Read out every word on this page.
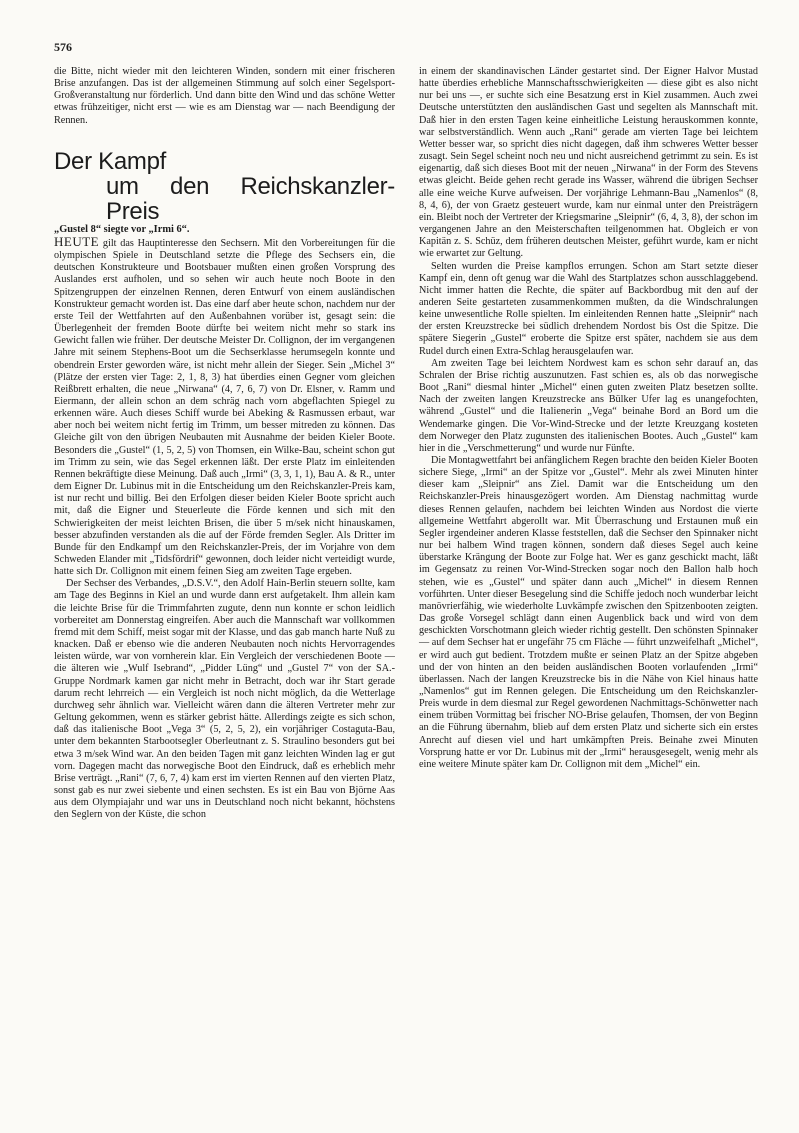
576

die Bitte, nicht wieder mit den leichteren Winden, sondern mit einer frischeren Brise anzufangen. Das ist der allgemeinen Stimmung auf solch einer Segelsport-Großveranstaltung nur förderlich. Und dann bitte den Wind und das schöne Wetter etwas frühzeitiger, nicht erst — wie es am Dienstag war — nach Beendigung der Rennen.

Der Kampf
um den Reichskanzler-Preis

„Gustel 8“ siegte vor „Irmi 6“.

HEUTE gilt das Hauptinteresse den Sechsern. Mit den Vorbereitungen für die olympischen Spiele in Deutschland setzte die Pflege des Sechsers ein, die deutschen Konstrukteure und Bootsbauer mußten einen großen Vorsprung des Auslandes erst aufholen, und so sehen wir auch heute noch Boote in den Spitzengruppen der einzelnen Rennen, deren Entwurf von einem ausländischen Konstrukteur gemacht worden ist. Das eine darf aber heute schon, nachdem nur der erste Teil der Wettfahrten auf den Außenbahnen vorüber ist, gesagt sein: die Überlegenheit der fremden Boote dürfte bei weitem nicht mehr so stark ins Gewicht fallen wie früher. Der deutsche Meister Dr. Collignon, der im vergangenen Jahre mit seinem Stephens-Boot um die Sechserklasse herumsegeln konnte und obendrein Erster geworden wäre, ist nicht mehr allein der Sieger. Sein „Michel 3“ (Plätze der ersten vier Tage: 2, 1, 8, 3) hat überdies einen Gegner vom gleichen Reißbrett erhalten, die neue „Nirwana“ (4, 7, 6, 7) von Dr. Elsner, v. Ramm und Eiermann, der allein schon an dem schräg nach vorn abgeflachten Spiegel zu erkennen wäre. Auch dieses Schiff wurde bei Abeking & Rasmussen erbaut, war aber noch bei weitem nicht fertig im Trimm, um besser mitreden zu können. Das Gleiche gilt von den übrigen Neubauten mit Ausnahme der beiden Kieler Boote. Besonders die „Gustel“ (1, 5, 2, 5) von Thomsen, ein Wilke-Bau, scheint schon gut im Trimm zu sein, wie das Segel erkennen läßt. Der erste Platz im einleitenden Rennen bekräftigte diese Meinung. Daß auch „Irmi“ (3, 3, 1, 1), Bau A. & R., unter dem Eigner Dr. Lubinus mit in die Entscheidung um den Reichskanzler-Preis kam, ist nur recht und billig. Bei den Erfolgen dieser beiden Kieler Boote spricht auch mit, daß die Eigner und Steuerleute die Förde kennen und sich mit den Schwierigkeiten der meist leichten Brisen, die über 5 m/sek nicht hinauskamen, besser abzufinden verstanden als die auf der Förde fremden Segler. Als Dritter im Bunde für den Endkampf um den Reichskanzler-Preis, der im Vorjahre von dem Schweden Elander mit „Tidsfördrif“ gewonnen, doch leider nicht verteidigt wurde, hatte sich Dr. Collignon mit einem feinen Sieg am zweiten Tage ergeben.

Der Sechser des Verbandes, „D.S.V.“, den Adolf Hain-Berlin steuern sollte, kam am Tage des Beginns in Kiel an und wurde dann erst aufgetakelt. Ihm allein kam die leichte Brise für die Trimmfahrten zugute, denn nun konnte er schon leidlich vorbereitet am Donnerstag eingreifen. Aber auch die Mannschaft war vollkommen fremd mit dem Schiff, meist sogar mit der Klasse, und das gab manch harte Nuß zu knacken. Daß er ebenso wie die anderen Neubauten noch nichts Hervorragendes leisten würde, war von vornherein klar. Ein Vergleich der verschiedenen Boote — die älteren wie „Wulf Isebrand“, „Pidder Lüng“ und „Gustel 7“ von der SA.-Gruppe Nordmark kamen gar nicht mehr in Betracht, doch war ihr Start gerade darum recht lehrreich — ein Vergleich ist noch nicht möglich, da die Wetterlage durchweg sehr ähnlich war. Vielleicht wären dann die älteren Vertreter mehr zur Geltung gekommen, wenn es stärker gebrist hätte. Allerdings zeigte es sich schon, daß das italienische Boot „Vega 3“ (5, 2, 5, 2), ein vorjähriger Costaguta-Bau, unter dem bekannten Starbootsegler Oberleutnant z. S. Straulino besonders gut bei etwa 3 m/sek Wind war. An den beiden Tagen mit ganz leichten Winden lag er gut vorn. Dagegen macht das norwegische Boot den Eindruck, daß es erheblich mehr Brise verträgt. „Rani“ (7, 6, 7, 4) kam erst im vierten Rennen auf den vierten Platz, sonst gab es nur zwei siebente und einen sechsten. Es ist ein Bau von Björne Aas aus dem Olympiajahr und war uns in Deutschland noch nicht bekannt, höchstens den Seglern von der Küste, die schon

in einem der skandinavischen Länder gestartet sind. Der Eigner Halvor Mustad hatte überdies erhebliche Mannschaftsschwierigkeiten — diese gibt es also nicht nur bei uns —, er suchte sich eine Besatzung erst in Kiel zusammen. Auch zwei Deutsche unterstützten den ausländischen Gast und segelten als Mannschaft mit. Daß hier in den ersten Tagen keine einheitliche Leistung herauskommen konnte, war selbstverständlich. Wenn auch „Rani“ gerade am vierten Tage bei leichtem Wetter besser war, so spricht dies nicht dagegen, daß ihm schweres Wetter besser zusagt. Sein Segel scheint noch neu und nicht ausreichend getrimmt zu sein. Es ist eigenartig, daß sich dieses Boot mit der neuen „Nirwana“ in der Form des Stevens etwas gleicht. Beide gehen recht gerade ins Wasser, während die übrigen Sechser alle eine weiche Kurve aufweisen. Der vorjährige Lehmann-Bau „Namenlos“ (8, 8, 4, 6), der von Graetz gesteuert wurde, kam nur einmal unter den Preisträgern ein. Bleibt noch der Vertreter der Kriegsmarine „Sleipnir“ (6, 4, 3, 8), der schon im vergangenen Jahre an den Meisterschaften teilgenommen hat. Obgleich er von Kapitän z. S. Schüz, dem früheren deutschen Meister, geführt wurde, kam er nicht wie erwartet zur Geltung.

Selten wurden die Preise kampflos errungen. Schon am Start setzte dieser Kampf ein, denn oft genug war die Wahl des Startplatzes schon ausschlaggebend. Nicht immer hatten die Rechte, die später auf Backbordbug mit den auf der anderen Seite gestarteten zusammenkommen mußten, da die Windschralungen keine unwesentliche Rolle spielten. Im einleitenden Rennen hatte „Sleipnir“ nach der ersten Kreuzstrecke bei südlich drehendem Nordost bis Ost die Spitze. Die spätere Siegerin „Gustel“ eroberte die Spitze erst später, nachdem sie aus dem Rudel durch einen Extra-Schlag herausgelaufen war.

Am zweiten Tage bei leichtem Nordwest kam es schon sehr darauf an, das Schralen der Brise richtig auszunutzen. Fast schien es, als ob das norwegische Boot „Rani“ diesmal hinter „Michel“ einen guten zweiten Platz besetzen sollte. Nach der zweiten langen Kreuzstrecke ans Bülker Ufer lag es unangefochten, während „Gustel“ und die Italienerin „Vega“ beinahe Bord an Bord um die Wendemarke gingen. Die Vor-Wind-Strecke und der letzte Kreuzgang kosteten dem Norweger den Platz zugunsten des italienischen Bootes. Auch „Gustel“ kam hier in die „Verschmetterung“ und wurde nur Fünfte.

Die Montagwettfahrt bei anfänglichem Regen brachte den beiden Kieler Booten sichere Siege, „Irmi“ an der Spitze vor „Gustel“. Mehr als zwei Minuten hinter dieser kam „Sleipnir“ ans Ziel. Damit war die Entscheidung um den Reichskanzler-Preis hinausgezögert worden. Am Dienstag nachmittag wurde dieses Rennen gelaufen, nachdem bei leichten Winden aus Nordost die vierte allgemeine Wettfahrt abgerollt war. Mit Überraschung und Erstaunen muß ein Segler irgendeiner anderen Klasse feststellen, daß die Sechser den Spinnaker nicht nur bei halbem Wind tragen können, sondern daß dieses Segel auch keine überstarke Krängung der Boote zur Folge hat. Wer es ganz geschickt macht, läßt im Gegensatz zu reinen Vor-Wind-Strecken sogar noch den Ballon halb hoch stehen, wie es „Gustel“ und später dann auch „Michel“ in diesem Rennen vorführten. Unter dieser Besegelung sind die Schiffe jedoch noch wunderbar leicht manövrierfähig, wie wiederholte Luvkämpfe zwischen den Spitzenbooten zeigten. Das große Vorsegel schlägt dann einen Augenblick back und wird von dem geschickten Vorschotmann gleich wieder richtig gestellt. Den schönsten Spinnaker — auf dem Sechser hat er ungefähr 75 cm Fläche — führt unzweifelhaft „Michel“, er wird auch gut bedient. Trotzdem mußte er seinen Platz an der Spitze abgeben und der von hinten an den beiden ausländischen Booten vorlaufenden „Irmi“ überlassen. Nach der langen Kreuzstrecke bis in die Nähe von Kiel hinaus hatte „Namenlos“ gut im Rennen gelegen. Die Entscheidung um den Reichskanzler-Preis wurde in dem diesmal zur Regel gewordenen Nachmittags-Schönwetter nach einem trüben Vormittag bei frischer NO-Brise gelaufen, Thomsen, der von Beginn an die Führung übernahm, blieb auf dem ersten Platz und sicherte sich ein erstes Anrecht auf diesen viel und hart umkämpften Preis. Beinahe zwei Minuten Vorsprung hatte er vor Dr. Lubinus mit der „Irmi“ herausgesegelt, wenig mehr als eine weitere Minute später kam Dr. Collignon mit dem „Michel“ ein.
